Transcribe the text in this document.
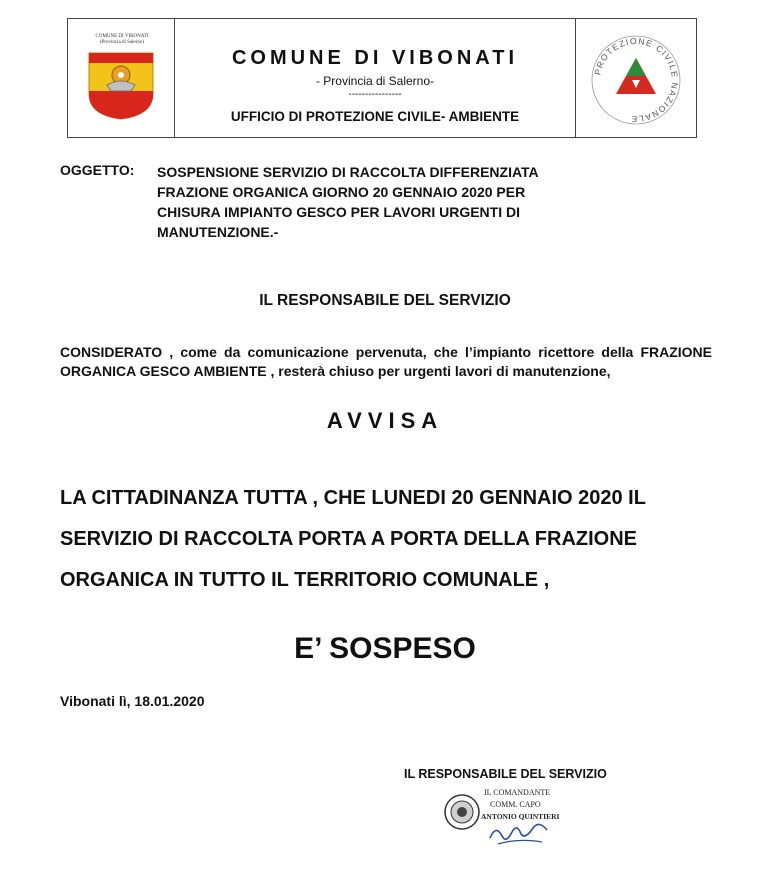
COMUNE DI VIBONATI
(Provincia di Salerno)
COMUNE DI VIBONATI
- Provincia di Salerno-
----------------
UFFICIO DI PROTEZIONE CIVILE- AMBIENTE
PROTEZIONE CIVILE NAZIONALE
OGGETTO: SOSPENSIONE SERVIZIO DI RACCOLTA DIFFERENZIATA FRAZIONE ORGANICA GIORNO 20 GENNAIO 2020 PER CHISURA IMPIANTO GESCO PER LAVORI URGENTI DI MANUTENZIONE.-
IL RESPONSABILE DEL SERVIZIO
CONSIDERATO , come da comunicazione pervenuta, che l’impianto ricettore della FRAZIONE ORGANICA GESCO AMBIENTE , resterà chiuso per urgenti lavori di manutenzione,
AVVISA
LA CITTADINANZA TUTTA , CHE LUNEDI 20 GENNAIO 2020 IL SERVIZIO DI RACCOLTA PORTA A PORTA DELLA FRAZIONE ORGANICA IN TUTTO IL TERRITORIO COMUNALE ,
E’ SOSPESO
Vibonati lì, 18.01.2020
IL RESPONSABILE DEL SERVIZIO
IL COMANDANTE
COMM. CAPO
ANTONIO QUINTIERI
